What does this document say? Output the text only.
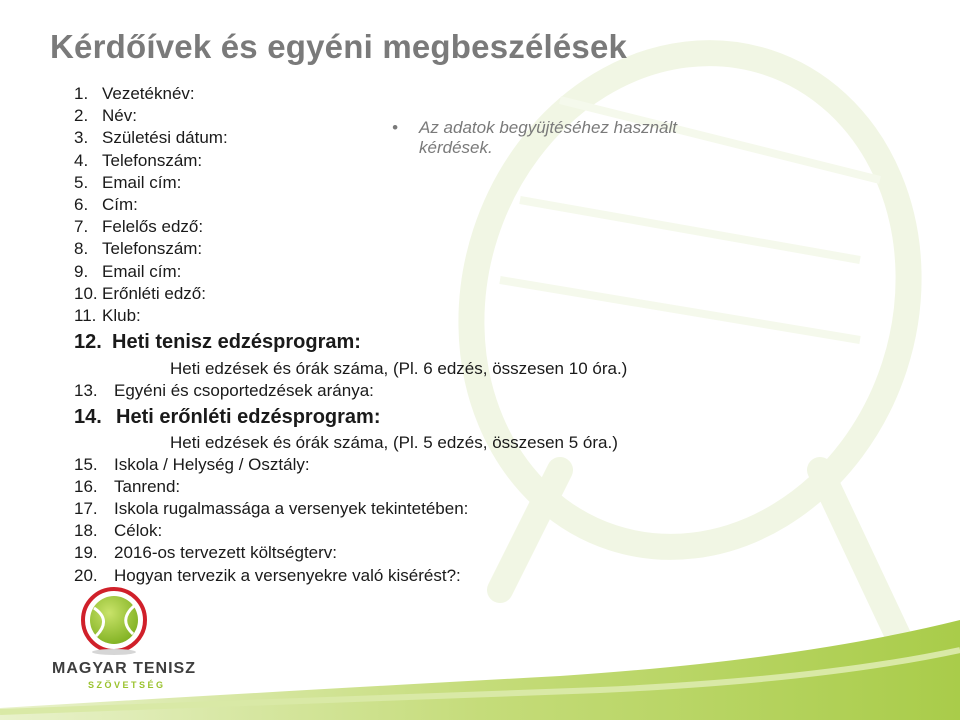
Kérdőívek és egyéni megbeszélések
1. Vezetéknév:
2. Név:
3. Születési dátum:
4. Telefonszám:
5. Email cím:
6. Cím:
7. Felelős edző:
8. Telefonszám:
9. Email cím:
10. Erőnléti edző:
11. Klub:
12. Heti tenisz edzésprogram:
Heti edzések és órák száma, (Pl. 6 edzés, összesen 10 óra.)
13. Egyéni és csoportedzések aránya:
14. Heti erőnléti edzésprogram:
Heti edzések és órák száma, (Pl. 5 edzés, összesen 5 óra.)
15. Iskola / Helység / Osztály:
16. Tanrend:
17. Iskola rugalmassága a versenyek tekintetében:
18. Célok:
19. 2016-os tervezett költségterv:
20. Hogyan tervezik a versenyekre való kisérést?:
• Az adatok begyüjtéséhez használt kérdések.
MAGYAR TENISZ
SZÖVETSÉG
